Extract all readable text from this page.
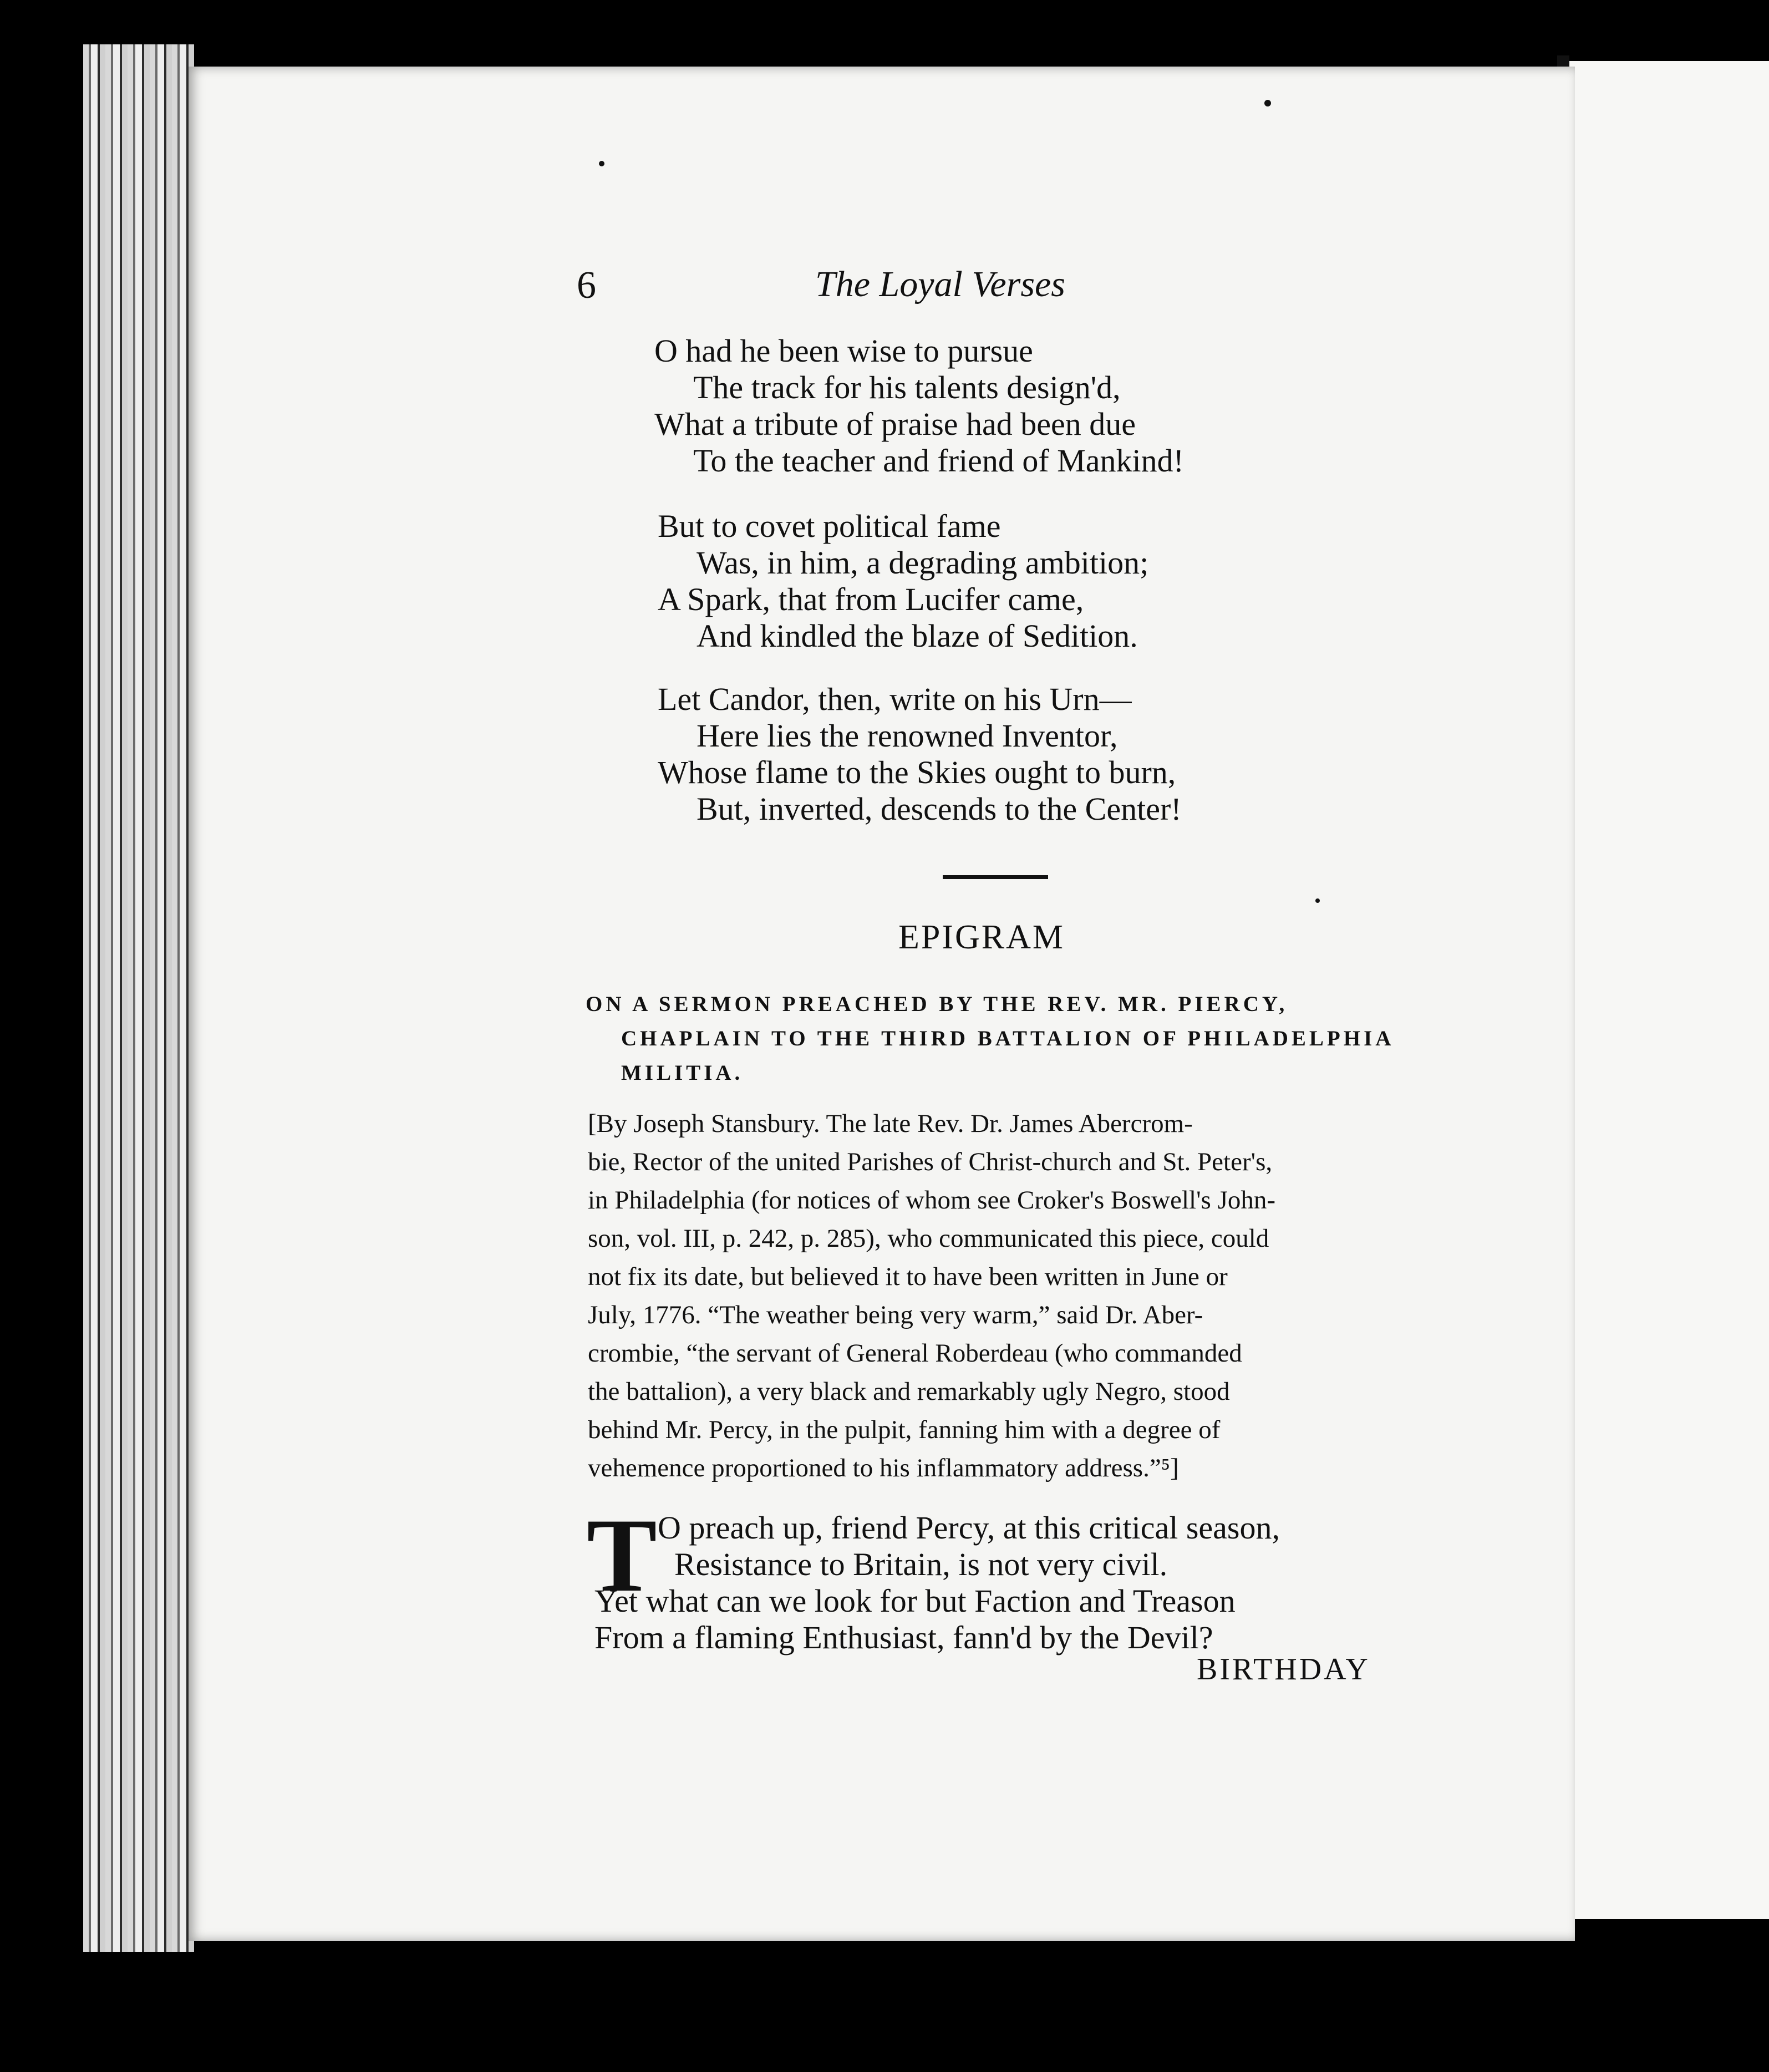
6	The Loyal Verses
O had he been wise to pursue
The track for his talents design'd,
What a tribute of praise had been due
To the teacher and friend of Mankind!
But to covet political fame
Was, in him, a degrading ambition;
A Spark, that from Lucifer came,
And kindled the blaze of Sedition.
Let Candor, then, write on his Urn—
Here lies the renowned Inventor,
Whose flame to the Skies ought to burn,
But, inverted, descends to the Center!
EPIGRAM
ON A SERMON PREACHED BY THE REV. MR. PIERCY,
CHAPLAIN TO THE THIRD BATTALION OF PHILADELPHIA
MILITIA.
[By Joseph Stansbury. The late Rev. Dr. James Abercrom-
bie, Rector of the united Parishes of Christ-church and St. Peter's,
in Philadelphia (for notices of whom see Croker's Boswell's John-
son, vol. III, p. 242, p. 285), who communicated this piece, could
not fix its date, but believed it to have been written in June or
July, 1776. “The weather being very warm,” said Dr. Aber-
crombie, “the servant of General Roberdeau (who commanded
the battalion), a very black and remarkably ugly Negro, stood
behind Mr. Percy, in the pulpit, fanning him with a degree of
vehemence proportioned to his inflammatory address.”⁵]
T O preach up, friend Percy, at this critical season,
Resistance to Britain, is not very civil.
Yet what can we look for but Faction and Treason
From a flaming Enthusiast, fann'd by the Devil?
BIRTHDAY
